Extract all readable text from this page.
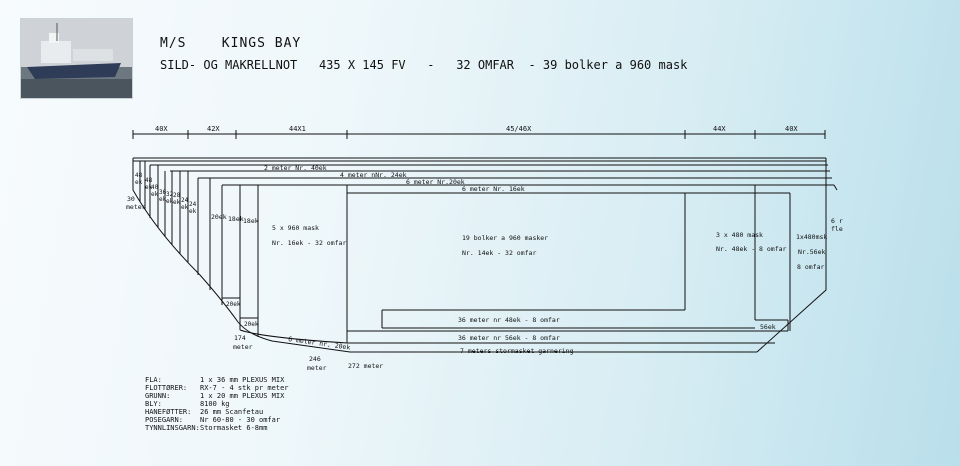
M/S    KINGS BAY
SILD- OG MAKRELLNOT   435 X 145 FV   -   32 OMFAR  - 39 bolker a 960 mask
40X	42X	44X1	45/46X	44X	40X
2 meter Nr. 40ek
4 meter nNr. 24ek
6 meter Nr.20ek
6 meter Nr. 16ek
30
meter
48
ek 48
ek
40
ek 36
ek
32
ek
28
ek 24
ek 24
ek
20ek 18ek 18ek
20ek
20ek
5 x 960 mask
Nr. 16ek - 32 omfar
19 bolker a 960 masker
Nr. 14ek - 32 omfar
3 x 480 mask
Nr. 48ek - 8 omfar
1x480msk
Nr.56ek
8 omfar
6 r
fle
56ek
36 meter nr 48ek - 8 omfar
36 meter nr 56ek - 8 omfar
7 meters stormasket garnering
6 meter nr. 20ek
174
meter
246
meter	272 meter
FLA:	1 x 36 mm PLEXUS MIX
FLOTTØRER:	RX-7 - 4 stk pr meter
GRUNN:	1 x 20 mm PLEXUS MIX
BLY:	8100 kg
HANEFØTTER:	26 mm Scanfetau
POSEGARN:	Nr 60-80 - 30 omfar
TYNNLINSGARN: Stormasket 6-8mm
